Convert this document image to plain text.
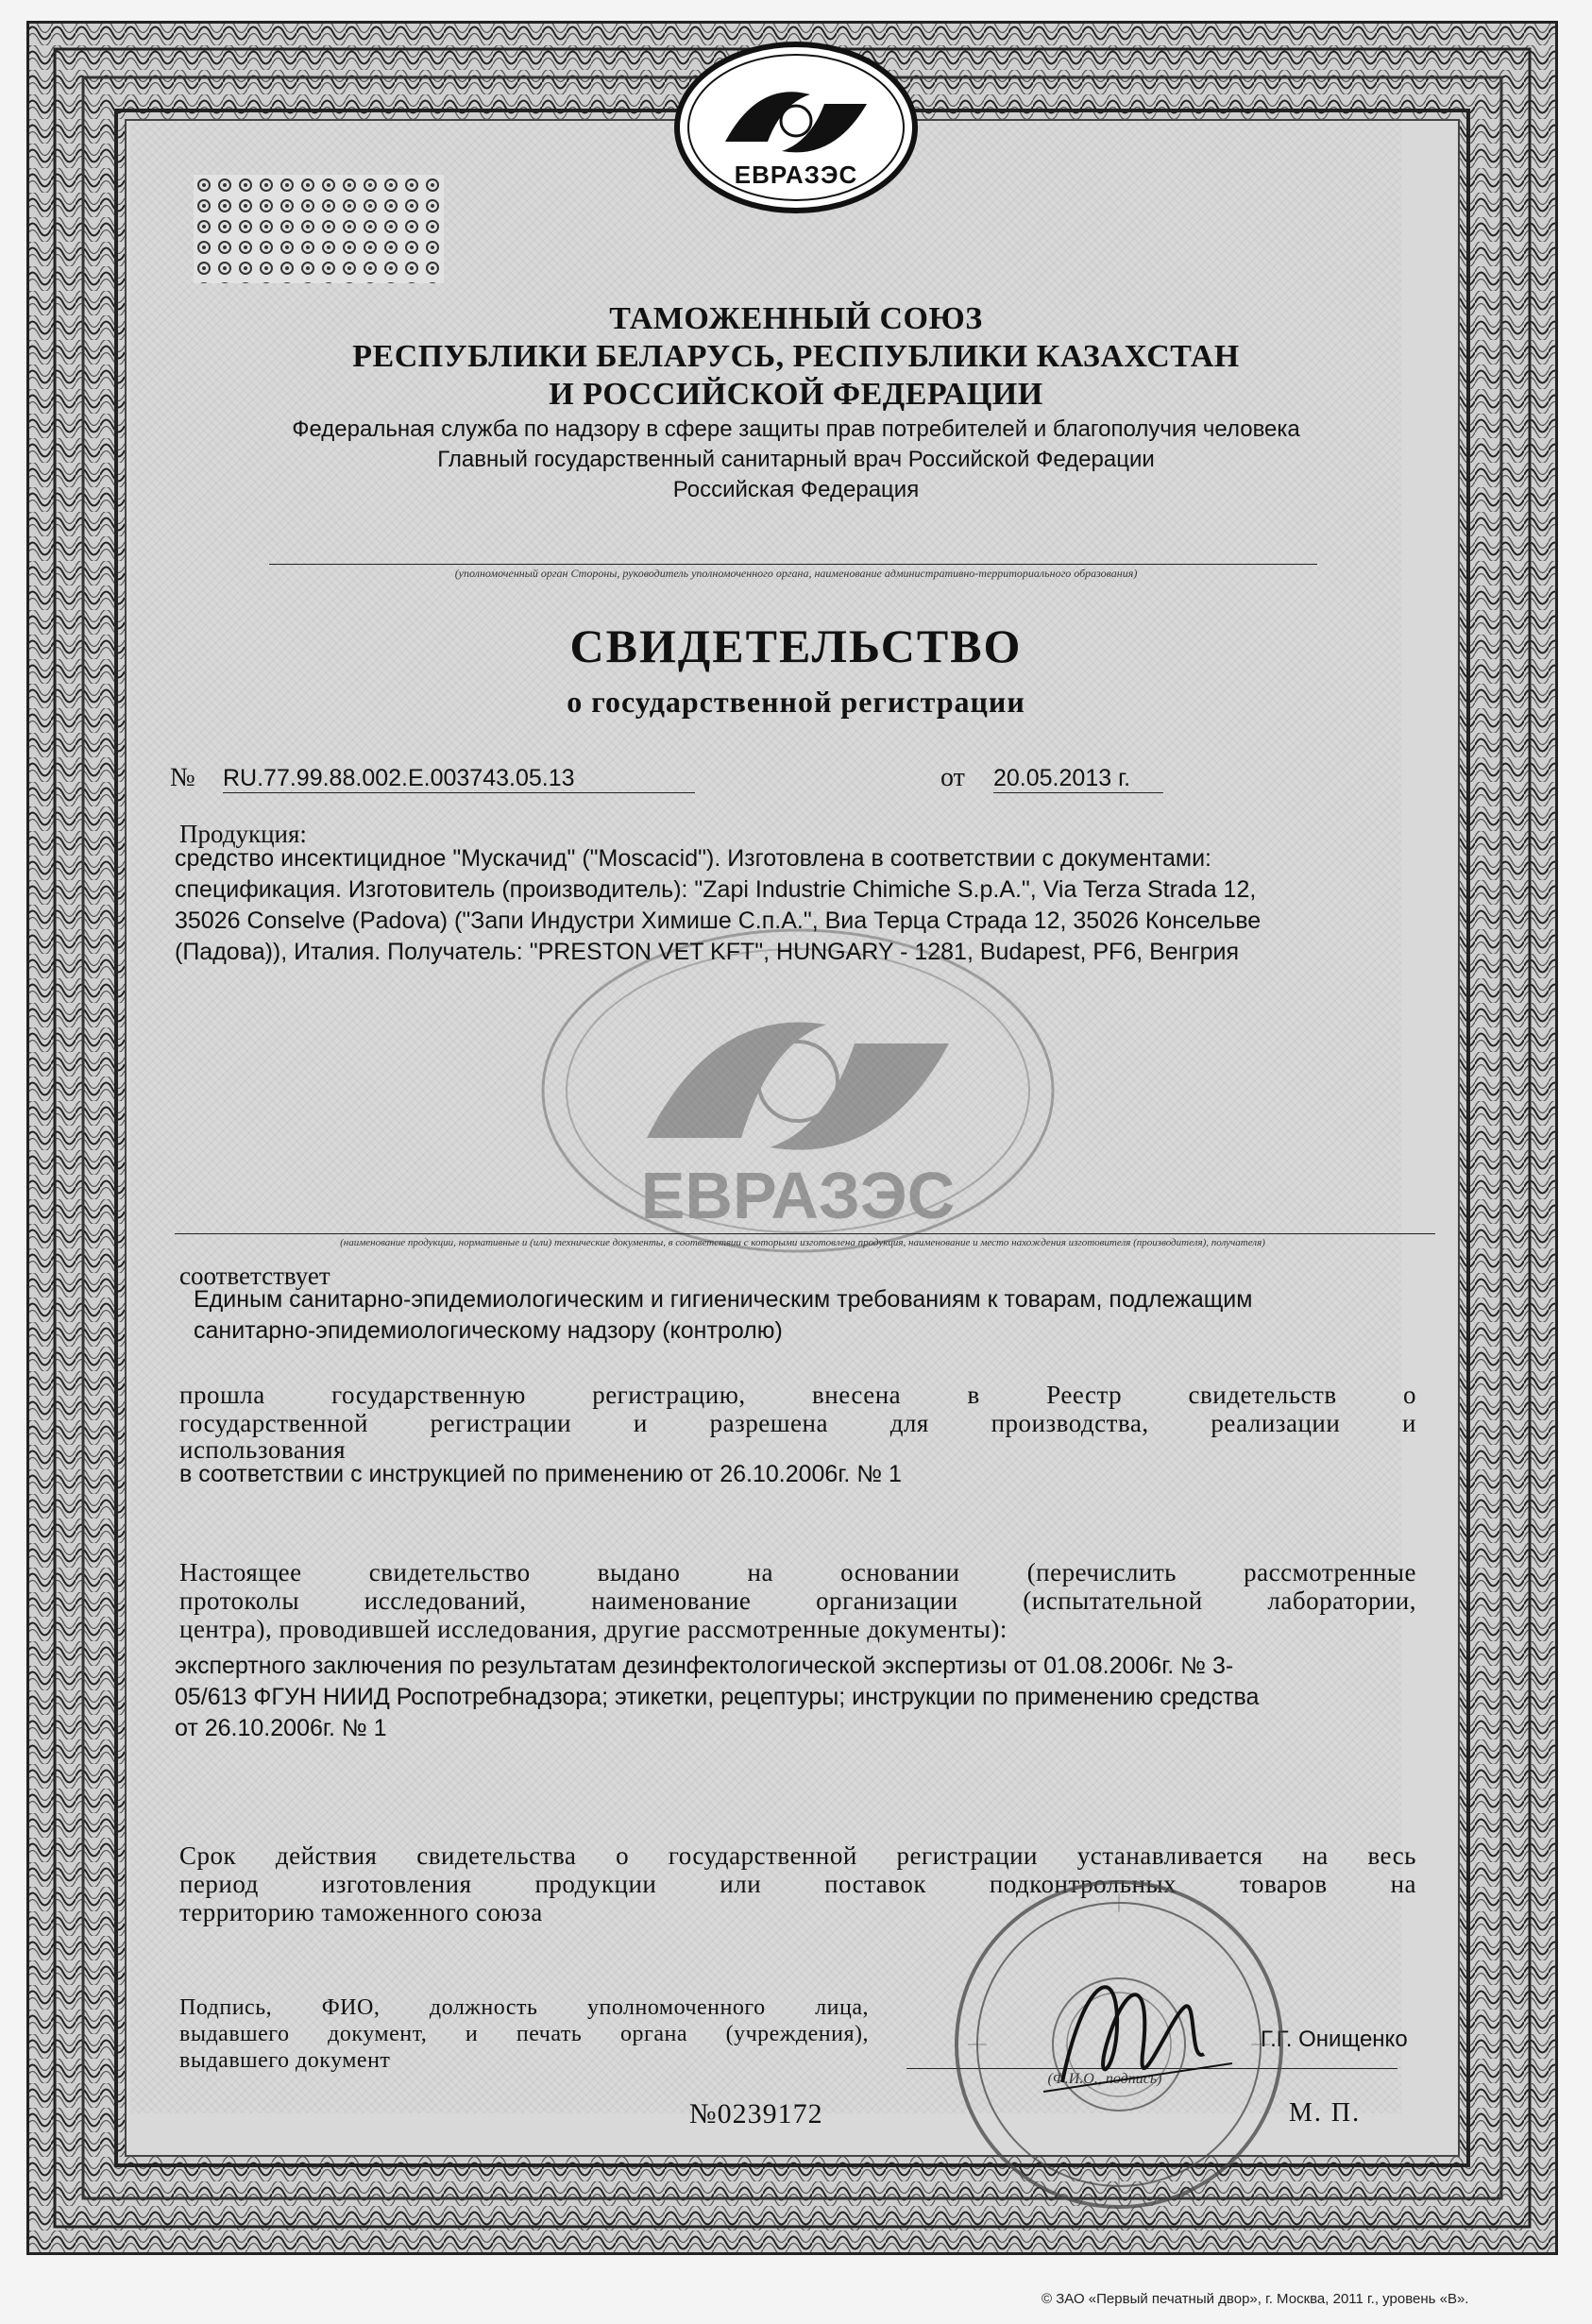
ЕВРАЗЭС
ЕВРАЗЭС
ТАМОЖЕННЫЙ СОЮЗ
РЕСПУБЛИКИ БЕЛАРУСЬ, РЕСПУБЛИКИ КАЗАХСТАН
И РОССИЙСКОЙ ФЕДЕРАЦИИ
Федеральная служба по надзору в сфере защиты прав потребителей и благополучия человека
Главный государственный санитарный врач Российской Федерации
Российская Федерация
(уполномоченный орган Стороны, руководитель уполномоченного органа, наименование административно-территориального образования)
СВИДЕТЕЛЬСТВО
о государственной регистрации
№ RU.77.99.88.002.E.003743.05.13	от 20.05.2013 г.
Продукция:
средство инсектицидное "Мускачид" ("Moscacid"). Изготовлена в соответствии с документами:
спецификация. Изготовитель (производитель): "Zapi Industrie Chimiche S.p.A.", Via Terza Strada 12,
35026 Conselve (Padova) ("Запи Индустри Химише С.п.А.", Виа Терца Страда 12, 35026 Консельве
(Падова)), Италия. Получатель: "PRESTON VET KFT", HUNGARY - 1281, Budapest, PF6, Венгрия
(наименование продукции, нормативные и (или) технические документы, в соответствии с которыми изготовлена продукция, наименование и место нахождения изготовителя (производителя), получателя)
соответствует
Единым санитарно-эпидемиологическим и гигиеническим требованиям к товарам, подлежащим
санитарно-эпидемиологическому надзору (контролю)
прошла государственную регистрацию, внесена в Реестр свидетельств о
государственной регистрации и разрешена для производства, реализации и
использования
в соответствии с инструкцией по применению от 26.10.2006г. № 1
Настоящее свидетельство выдано на основании (перечислить рассмотренные
протоколы исследований, наименование организации (испытательной лаборатории,
центра), проводившей исследования, другие рассмотренные документы):
экспертного заключения по результатам дезинфектологической экспертизы от 01.08.2006г. № 3-
05/613 ФГУН НИИД Роспотребнадзора; этикетки, рецептуры; инструкции по применению средства
от 26.10.2006г. № 1
Срок действия свидетельства о государственной регистрации устанавливается на весь
период изготовления продукции или поставок подконтрольных товаров на
территорию таможенного союза
Подпись, ФИО, должность уполномоченного лица,
выдавшего документ, и печать органа (учреждения),
выдавшего документ
Г.Г. Онищенко
(Ф.И.О., подпись)
№0239172	М. П.
© ЗАО «Первый печатный двор», г. Москва, 2011 г., уровень «В».
